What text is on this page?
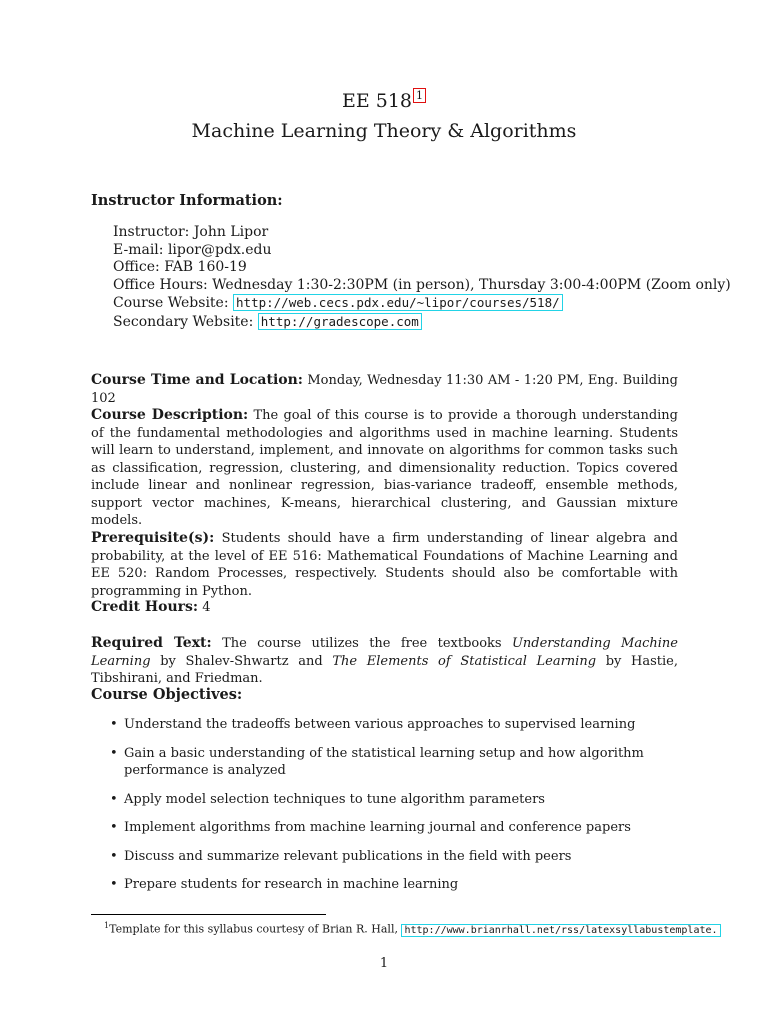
EE 518 1
Machine Learning Theory & Algorithms
Instructor Information:
Instructor: John Lipor
E-mail: lipor@pdx.edu
Office: FAB 160-19
Office Hours: Wednesday 1:30-2:30PM (in person), Thursday 3:00-4:00PM (Zoom only)
Course Website: http://web.cecs.pdx.edu/~lipor/courses/518/
Secondary Website: http://gradescope.com
Course Time and Location: Monday, Wednesday 11:30 AM - 1:20 PM, Eng. Building 102
Course Description: The goal of this course is to provide a thorough understanding of the fundamental methodologies and algorithms used in machine learning. Students will learn to understand, implement, and innovate on algorithms for common tasks such as classification, regression, clustering, and dimensionality reduction. Topics covered include linear and nonlinear regression, bias-variance tradeoff, ensemble methods, support vector machines, K-means, hierarchical clustering, and Gaussian mixture models.
Prerequisite(s): Students should have a firm understanding of linear algebra and probability, at the level of EE 516: Mathematical Foundations of Machine Learning and EE 520: Random Processes, respectively. Students should also be comfortable with programming in Python.
Credit Hours: 4
Required Text: The course utilizes the free textbooks Understanding Machine Learning by Shalev-Shwartz and The Elements of Statistical Learning by Hastie, Tibshirani, and Friedman.
Course Objectives:
• Understand the tradeoffs between various approaches to supervised learning
• Gain a basic understanding of the statistical learning setup and how algorithm performance is analyzed
• Apply model selection techniques to tune algorithm parameters
• Implement algorithms from machine learning journal and conference papers
• Discuss and summarize relevant publications in the field with peers
• Prepare students for research in machine learning
$^1$Template for this syllabus courtesy of Brian R. Hall, http://www.brianrhall.net/rss/latexsyllabustemplate.
1
